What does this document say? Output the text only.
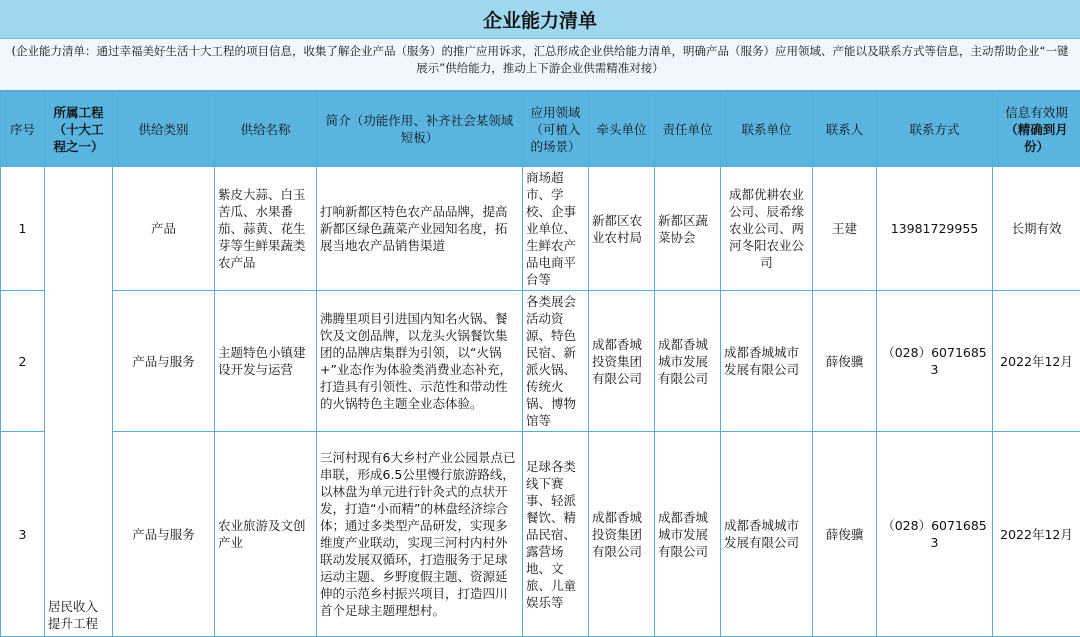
企业能力清单
(企业能力清单：通过幸福美好生活十大工程的项目信息，收集了解企业产品（服务）的推广应用诉求，汇总形成企业供给能力清单，明确产品（服务）应用领域、产能以及联系方式等信息，主动帮助企业“一键展示”供给能力，推动上下游企业供需精准对接）
序号	所属工程（十大工程之一）	供给类别	供给名称	简介（功能作用、补齐社会某领域短板）	应用领域（可植入的场景）	牵头单位	责任单位	联系单位	联系人	联系方式	信息有效期
（精确到月份）
1	居民收入提升工程	产品	紫皮大蒜、白玉苦瓜、水果番茄、蒜黄、花生芽等生鲜果蔬类农产品	打响新都区特色农产品品牌，提高新都区绿色蔬菜产业园知名度，拓展当地农产品销售渠道	商场超市、学校、企事业单位、生鲜农产品电商平台等	新都区农业农村局	新都区蔬菜协会	成都优耕农业公司、辰希缘农业公司、两河冬阳农业公司	王建	13981729955	长期有效
2		产品与服务	主题特色小镇建设开发与运营	沸腾里项目引进国内知名火锅、餐饮及文创品牌，以龙头火锅餐饮集团的品牌店集群为引领，以“火锅+”业态作为体验类消费业态补充，打造具有引领性、示范性和带动性的火锅特色主题全业态体验。	各类展会活动资源、特色民宿、新派火锅、传统火锅、博物馆等	成都香城投资集团有限公司	成都香城城市发展有限公司	成都香城城市发展有限公司	薛俊骥	（028）60716853	2022年12月
3		产品与服务	农业旅游及文创产业	三河村现有6大乡村产业公园景点已串联，形成6.5公里慢行旅游路线，以林盘为单元进行针灸式的点状开发，打造“小而精”的林盘经济综合体；通过多类型产品研发，实现多维度产业联动，实现三河村内村外联动发展双循环，打造服务于足球运动主题、乡野度假主题、资源延伸的示范乡村振兴项目，打造四川首个足球主题理想村。	足球各类线下赛事、轻派餐饮、精品民宿、露营场地、文旅、儿童娱乐等	成都香城投资集团有限公司	成都香城城市发展有限公司	成都香城城市发展有限公司	薛俊骥	（028）60716853	2022年12月
